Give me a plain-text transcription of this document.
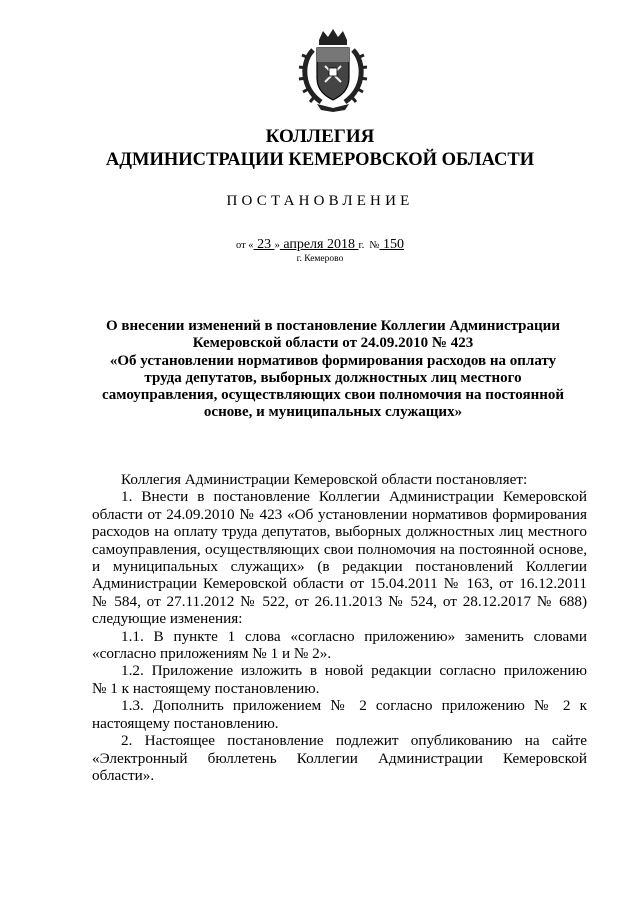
КОЛЛЕГИЯ
АДМИНИСТРАЦИИ КЕМЕРОВСКОЙ ОБЛАСТИ
ПОСТАНОВЛЕНИЕ
от « 23 » апреля 2018 г. № 150
г. Кемерово
О внесении изменений в постановление Коллегии Администрации
Кемеровской области от 24.09.2010 № 423
«Об установлении нормативов формирования расходов на оплату
труда депутатов, выборных должностных лиц местного
самоуправления, осуществляющих свои полномочия на постоянной
основе, и муниципальных служащих»
Коллегия Администрации Кемеровской области постановляет:
1. Внести в постановление Коллегии Администрации Кемеровской
области от 24.09.2010 № 423 «Об установлении нормативов формирования
расходов на оплату труда депутатов, выборных должностных лиц местного
самоуправления, осуществляющих свои полномочия на постоянной основе,
и муниципальных служащих» (в редакции постановлений Коллегии
Администрации Кемеровской области от 15.04.2011 № 163, от 16.12.2011
№ 584, от 27.11.2012 № 522, от 26.11.2013 № 524, от 28.12.2017 № 688)
следующие изменения:
1.1. В пункте 1 слова «согласно приложению» заменить словами
«согласно приложениям № 1 и № 2».
1.2. Приложение изложить в новой редакции согласно приложению
№ 1 к настоящему постановлению.
1.3. Дополнить приложением № 2 согласно приложению № 2 к
настоящему постановлению.
2. Настоящее постановление подлежит опубликованию на сайте
«Электронный бюллетень Коллегии Администрации Кемеровской
области».
